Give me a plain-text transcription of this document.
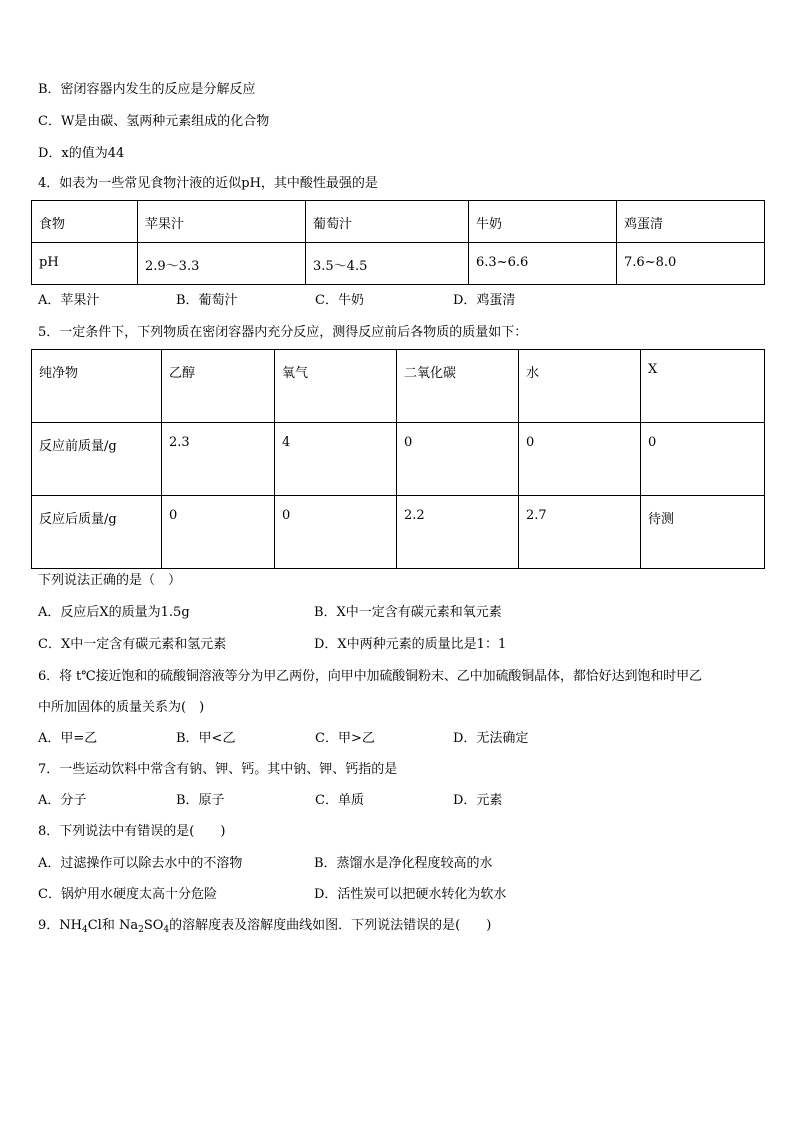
B．密闭容器内发生的反应是分解反应
C．W是由碳、氢两种元素组成的化合物
D．x的值为44
4．如表为一些常见食物汁液的近似pH，其中酸性最强的是
食物	苹果汁	葡萄汁	牛奶	鸡蛋清
pH	2.9～3.3	3.5～4.5	6.3~6.6	7.6~8.0
A．苹果汁	B．葡萄汁	C．牛奶	D．鸡蛋清
5．一定条件下，下列物质在密闭容器内充分反应，测得反应前后各物质的质量如下：
纯净物	乙醇	氧气	二氧化碳	水	X
反应前质量/g	2.3	4	0	0	0
反应后质量/g	0	0	2.2	2.7	待测
下列说法正确的是（　）
A．反应后X的质量为1.5g	B．X中一定含有碳元素和氧元素
C．X中一定含有碳元素和氢元素	D．X中两种元素的质量比是1：1
6．将 t℃接近饱和的硫酸铜溶液等分为甲乙两份，向甲中加硫酸铜粉末、乙中加硫酸铜晶体，都恰好达到饱和时甲乙
中所加固体的质量关系为(　)
A．甲=乙	B．甲<乙	C．甲>乙	D．无法确定
7．一些运动饮料中常含有钠、钾、钙。其中钠、钾、钙指的是
A．分子	B．原子	C．单质	D．元素
8．下列说法中有错误的是(　　)
A．过滤操作可以除去水中的不溶物	B．蒸馏水是净化程度较高的水
C．锅炉用水硬度太高十分危险	D．活性炭可以把硬水转化为软水
9．$NH_4Cl$和 $Na_2SO_4$的溶解度表及溶解度曲线如图．下列说法错误的是(　　)
